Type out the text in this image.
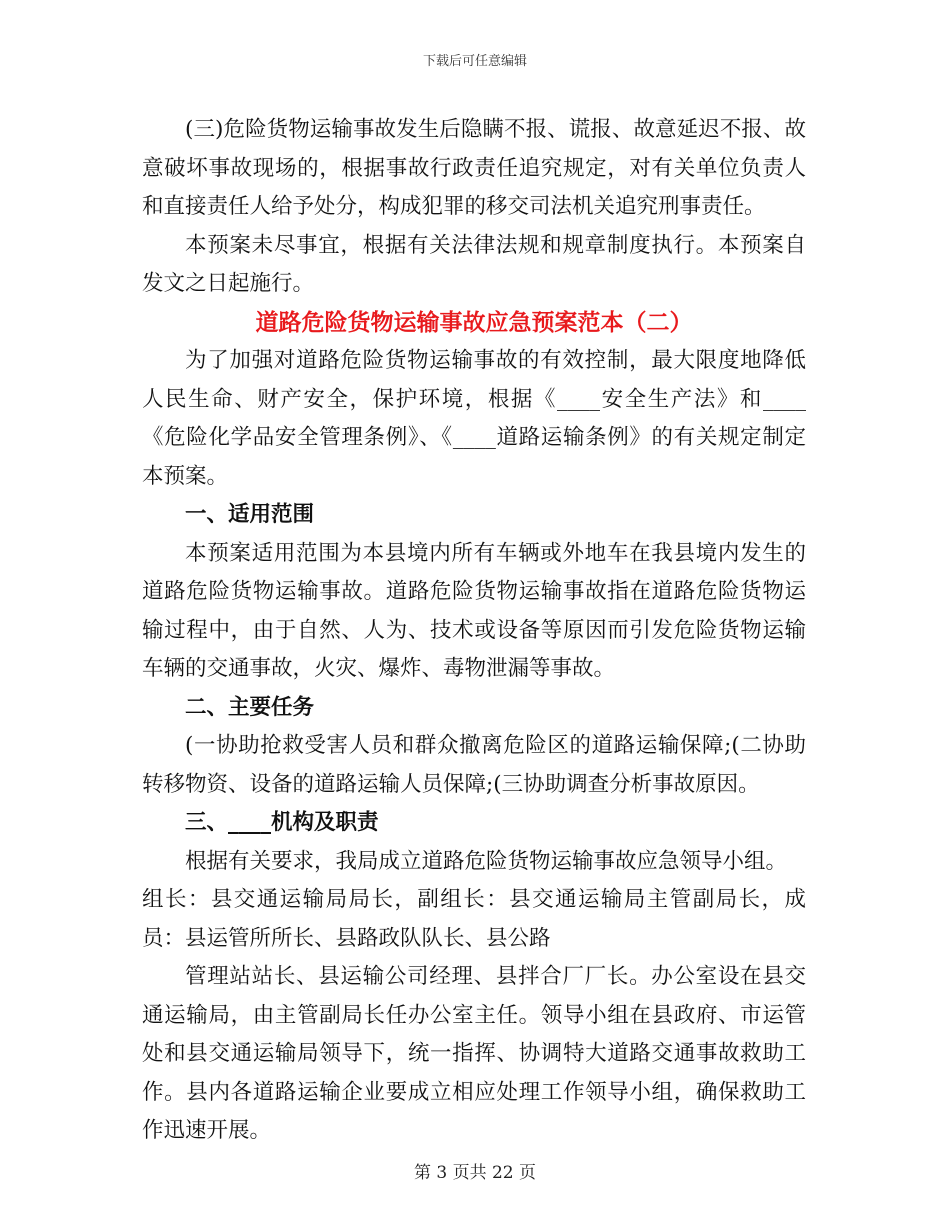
下载后可任意编辑

(三)危险货物运输事故发生后隐瞒不报、谎报、故意延迟不报、故意破坏事故现场的，根据事故行政责任追究规定，对有关单位负责人和直接责任人给予处分，构成犯罪的移交司法机关追究刑事责任。

本预案未尽事宜，根据有关法律法规和规章制度执行。本预案自发文之日起施行。

道路危险货物运输事故应急预案范本（二）

为了加强对道路危险货物运输事故的有效控制，最大限度地降低人民生命、财产安全，保护环境，根据《____安全生产法》和____《危险化学品安全管理条例》、《____道路运输条例》的有关规定制定本预案。

一、适用范围

本预案适用范围为本县境内所有车辆或外地车在我县境内发生的道路危险货物运输事故。道路危险货物运输事故指在道路危险货物运输过程中，由于自然、人为、技术或设备等原因而引发危险货物运输车辆的交通事故，火灾、爆炸、毒物泄漏等事故。

二、主要任务

(一协助抢救受害人员和群众撤离危险区的道路运输保障;(二协助转移物资、设备的道路运输人员保障;(三协助调查分析事故原因。

三、____机构及职责

根据有关要求，我局成立道路危险货物运输事故应急领导小组。

组长：县交通运输局局长，副组长：县交通运输局主管副局长，成员：县运管所所长、县路政队队长、县公路

管理站站长、县运输公司经理、县拌合厂厂长。办公室设在县交通运输局，由主管副局长任办公室主任。领导小组在县政府、市运管处和县交通运输局领导下，统一指挥、协调特大道路交通事故救助工作。县内各道路运输企业要成立相应处理工作领导小组，确保救助工作迅速开展。

第 3 页共 22 页
